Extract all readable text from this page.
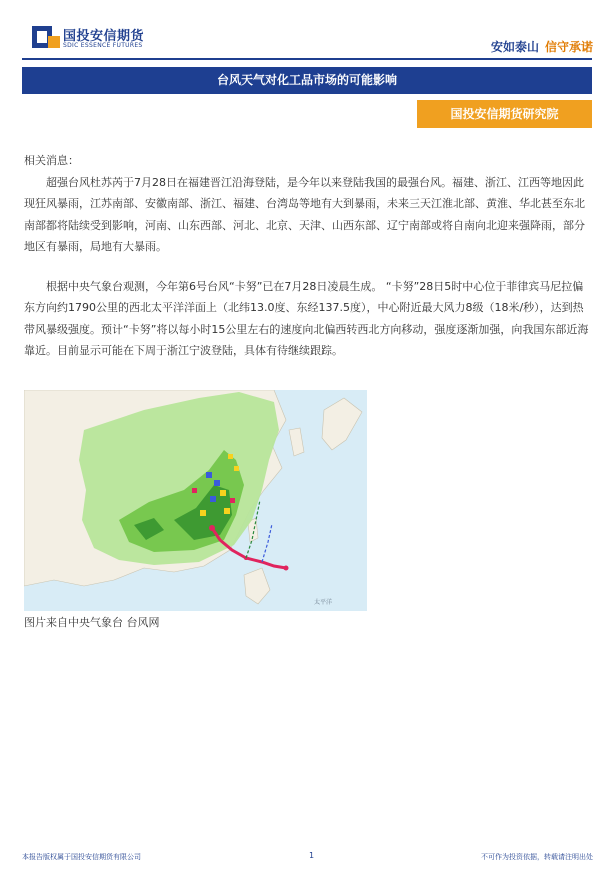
国投安信期货
SDIC ESSENCE FUTURES	安如泰山 信守承诺
台风天气对化工品市场的可能影响
国投安信期货研究院

相关消息：

超强台风杜苏芮于7月28日在福建晋江沿海登陆，是今年以来登陆我国的最强台风。福建、浙江、江西等地因此现狂风暴雨，江苏南部、安徽南部、浙江、福建、台湾岛等地有大到暴雨，未来三天江淮北部、黄淮、华北甚至东北南部都将陆续受到影响，河南、山东西部、河北、北京、天津、山西东部、辽宁南部或将自南向北迎来强降雨，部分地区有暴雨，局地有大暴雨。

根据中央气象台观测，今年第6号台风“卡努”已在7月28日凌晨生成。 “卡努”28日5时中心位于菲律宾马尼拉偏东方向约1790公里的西北太平洋洋面上（北纬13.0度、东经137.5度），中心附近最大风力8级（18米/秒），达到热带风暴级强度。预计“卡努”将以每小时15公里左右的速度向北偏西转西北方向移动，强度逐渐加强，向我国东部近海靠近。目前显示可能在下周于浙江宁波登陆，具体有待继续跟踪。

太平洋
图片来自中央气象台 台风网
本报告版权属于国投安信期货有限公司	1	不可作为投资依据，转载请注明出处
